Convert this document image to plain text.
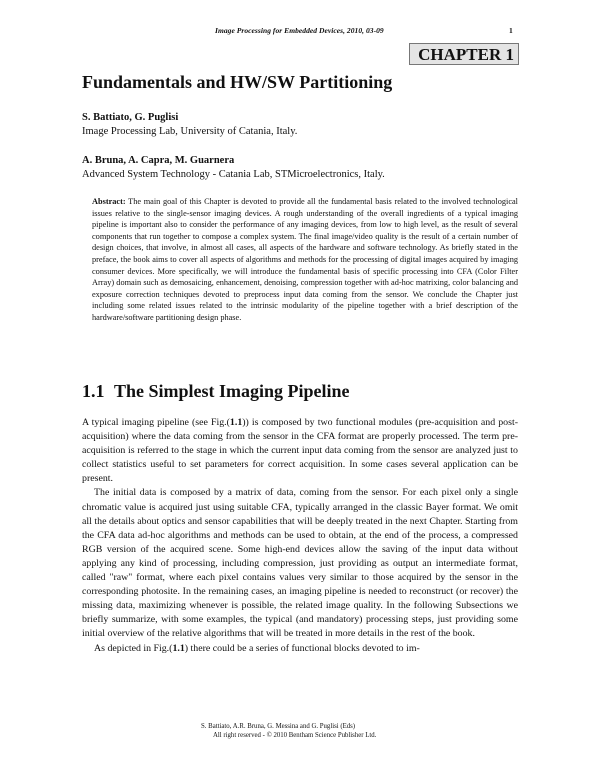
Image Processing for Embedded Devices, 2010, 03-09	1
CHAPTER 1
Fundamentals and HW/SW Partitioning
S. Battiato, G. Puglisi
Image Processing Lab, University of Catania, Italy.
A. Bruna, A. Capra, M. Guarnera
Advanced System Technology - Catania Lab, STMicroelectronics, Italy.
Abstract: The main goal of this Chapter is devoted to provide all the fundamental basis related to the involved technological issues relative to the single-sensor imaging devices. A rough understanding of the overall ingredients of a typical imaging pipeline is important also to consider the performance of any imaging devices, from low to high level, as the result of several components that run together to compose a complex system. The final image/video quality is the result of a certain number of design choices, that involve, in almost all cases, all aspects of the hardware and software technology. As briefly stated in the preface, the book aims to cover all aspects of algorithms and methods for the processing of digital images acquired by imaging consumer devices. More specifically, we will introduce the fundamental basis of specific processing into CFA (Color Filter Array) domain such as demosaicing, enhancement, denoising, compression together with ad-hoc matrixing, color balancing and exposure correction techniques devoted to preprocess input data coming from the sensor. We conclude the Chapter just including some related issues related to the intrinsic modularity of the pipeline together with a brief description of the hardware/software partitioning design phase.
1.1 The Simplest Imaging Pipeline

A typical imaging pipeline (see Fig.(1.1)) is composed by two functional modules (pre-acquisition and post-acquisition) where the data coming from the sensor in the CFA format are properly processed. The term pre-acquisition is referred to the stage in which the current input data coming from the sensor are analyzed just to collect statistics useful to set parameters for correct acquisition. In some cases several application can be present.

The initial data is composed by a matrix of data, coming from the sensor. For each pixel only a single chromatic value is acquired just using suitable CFA, typically arranged in the classic Bayer format. We omit all the details about optics and sensor capabilities that will be deeply treated in the next Chapter. Starting from the CFA data ad-hoc algorithms and methods can be used to obtain, at the end of the process, a compressed RGB version of the acquired scene. Some high-end devices allow the saving of the input data without applying any kind of processing, including compression, just providing as output an intermediate format, called "raw" format, where each pixel contains values very similar to those acquired by the sensor in the corresponding photosite. In the remaining cases, an imaging pipeline is needed to reconstruct (or recover) the missing data, maximizing whenever is possible, the related image quality. In the following Subsections we briefly summarize, with some examples, the typical (and mandatory) processing steps, just providing some initial overview of the relative algorithms that will be treated in more details in the rest of the book.

As depicted in Fig.(1.1) there could be a series of functional blocks devoted to im-

S. Battiato, A.R. Bruna, G. Messina and G. Puglisi (Eds)
All right reserved - © 2010 Bentham Science Publisher Ltd.
